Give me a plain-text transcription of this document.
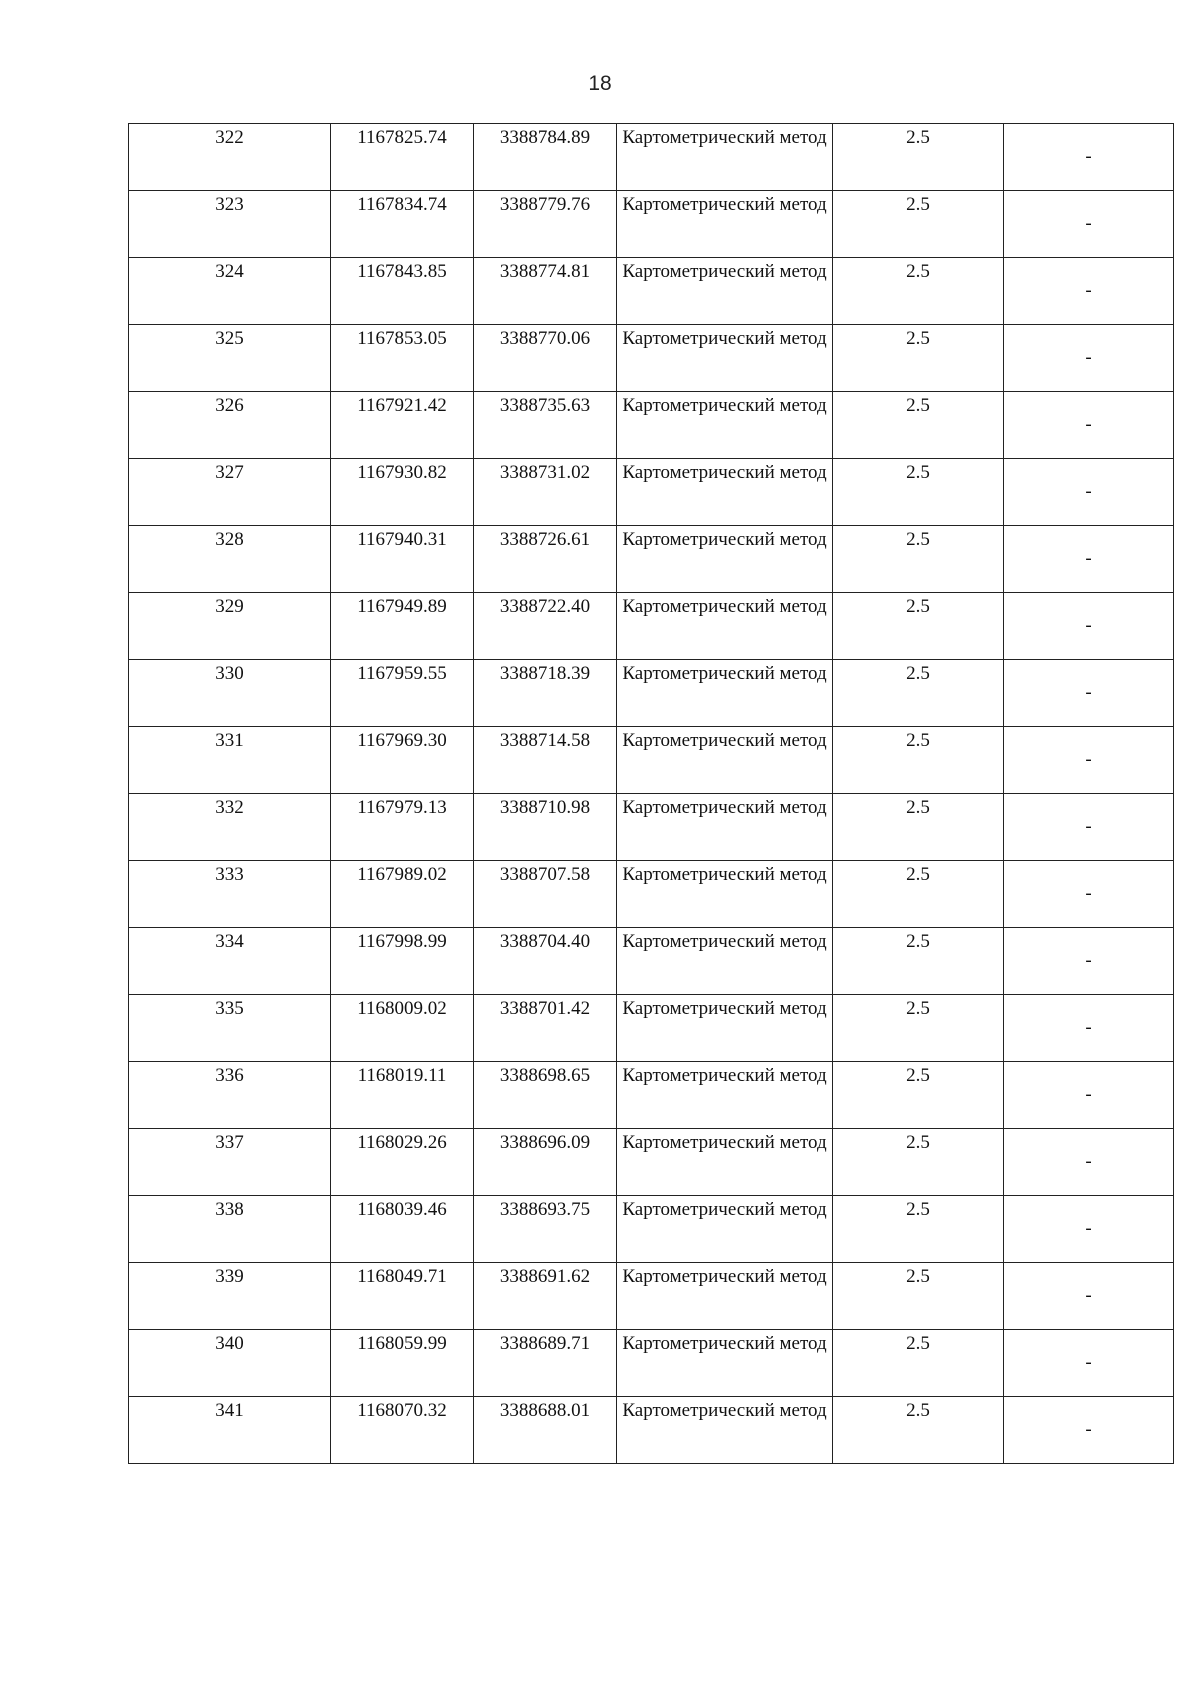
18
322	1167825.74	3388784.89	Картометрический метод	2.5	-
323	1167834.74	3388779.76	Картометрический метод	2.5	-
324	1167843.85	3388774.81	Картометрический метод	2.5	-
325	1167853.05	3388770.06	Картометрический метод	2.5	-
326	1167921.42	3388735.63	Картометрический метод	2.5	-
327	1167930.82	3388731.02	Картометрический метод	2.5	-
328	1167940.31	3388726.61	Картометрический метод	2.5	-
329	1167949.89	3388722.40	Картометрический метод	2.5	-
330	1167959.55	3388718.39	Картометрический метод	2.5	-
331	1167969.30	3388714.58	Картометрический метод	2.5	-
332	1167979.13	3388710.98	Картометрический метод	2.5	-
333	1167989.02	3388707.58	Картометрический метод	2.5	-
334	1167998.99	3388704.40	Картометрический метод	2.5	-
335	1168009.02	3388701.42	Картометрический метод	2.5	-
336	1168019.11	3388698.65	Картометрический метод	2.5	-
337	1168029.26	3388696.09	Картометрический метод	2.5	-
338	1168039.46	3388693.75	Картометрический метод	2.5	-
339	1168049.71	3388691.62	Картометрический метод	2.5	-
340	1168059.99	3388689.71	Картометрический метод	2.5	-
341	1168070.32	3388688.01	Картометрический метод	2.5	-
